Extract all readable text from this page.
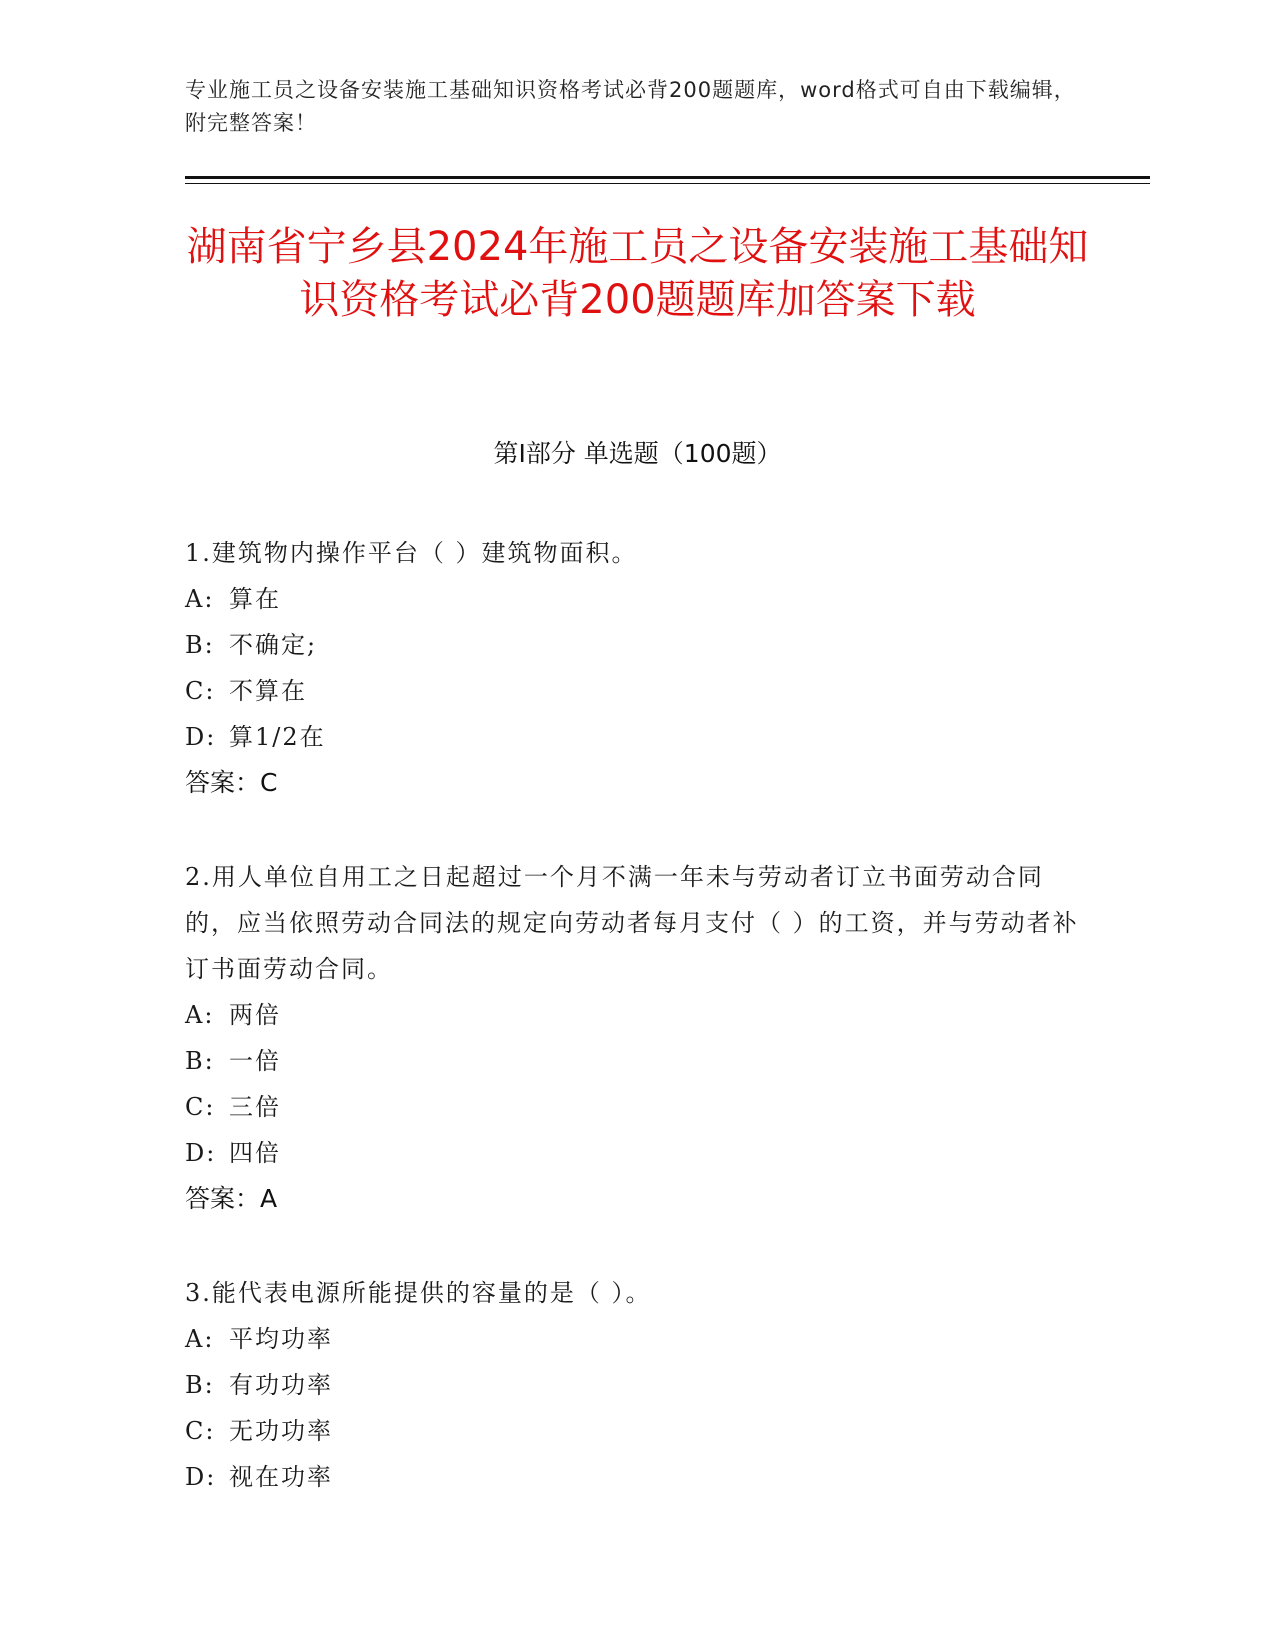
专业施工员之设备安装施工基础知识资格考试必背200题题库，word格式可自由下载编辑，附完整答案！
湖南省宁乡县2024年施工员之设备安装施工基础知识资格考试必背200题题库加答案下载
第I部分 单选题（100题）
1.建筑物内操作平台（ ）建筑物面积。
A: 算在
B: 不确定;
C: 不算在
D: 算1/2在
答案：C
2.用人单位自用工之日起超过一个月不满一年未与劳动者订立书面劳动合同的，应当依照劳动合同法的规定向劳动者每月支付（ ）的工资，并与劳动者补订书面劳动合同。
A: 两倍
B: 一倍
C: 三倍
D: 四倍
答案：A
3.能代表电源所能提供的容量的是（ ）。
A: 平均功率
B: 有功功率
C: 无功功率
D: 视在功率
